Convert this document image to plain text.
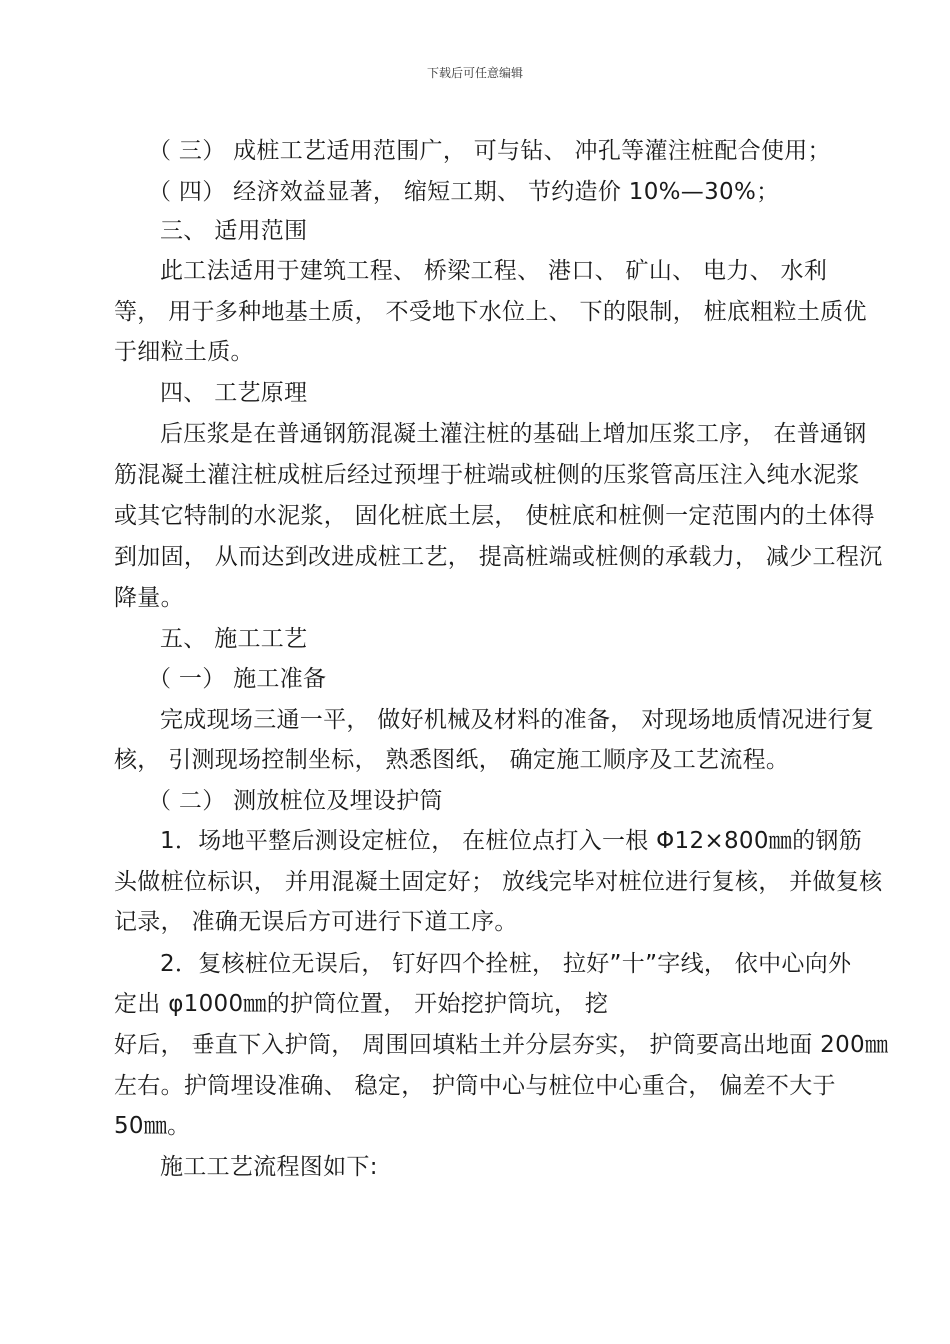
下载后可任意编辑
（ 三） 成桩工艺适用范围广， 可与钻、 冲孔等灌注桩配合使用；
（ 四） 经济效益显著， 缩短工期、 节约造价 10%—30%；
三、 适用范围
此工法适用于建筑工程、 桥梁工程、 港口、 矿山、 电力、 水利
等， 用于多种地基土质， 不受地下水位上、 下的限制， 桩底粗粒土质优
于细粒土质。
四、 工艺原理
后压浆是在普通钢筋混凝土灌注桩的基础上增加压浆工序， 在普通钢
筋混凝土灌注桩成桩后经过预埋于桩端或桩侧的压浆管高压注入纯水泥浆
或其它特制的水泥浆， 固化桩底土层， 使桩底和桩侧一定范围内的土体得
到加固， 从而达到改进成桩工艺， 提高桩端或桩侧的承载力， 减少工程沉
降量。
五、 施工工艺
（ 一） 施工准备
完成现场三通一平， 做好机械及材料的准备， 对现场地质情况进行复
核， 引测现场控制坐标， 熟悉图纸， 确定施工顺序及工艺流程。
（ 二） 测放桩位及埋设护筒
1．场地平整后测设定桩位， 在桩位点打入一根 Φ12×800㎜的钢筋
头做桩位标识， 并用混凝土固定好； 放线完毕对桩位进行复核， 并做复核
记录， 准确无误后方可进行下道工序。
2．复核桩位无误后， 钉好四个拴桩， 拉好”十”字线， 依中心向外
定出 φ1000㎜的护筒位置， 开始挖护筒坑， 挖
好后， 垂直下入护筒， 周围回填粘土并分层夯实， 护筒要高出地面 200㎜
左右。护筒埋设准确、 稳定， 护筒中心与桩位中心重合， 偏差不大于
50㎜。
施工工艺流程图如下:
